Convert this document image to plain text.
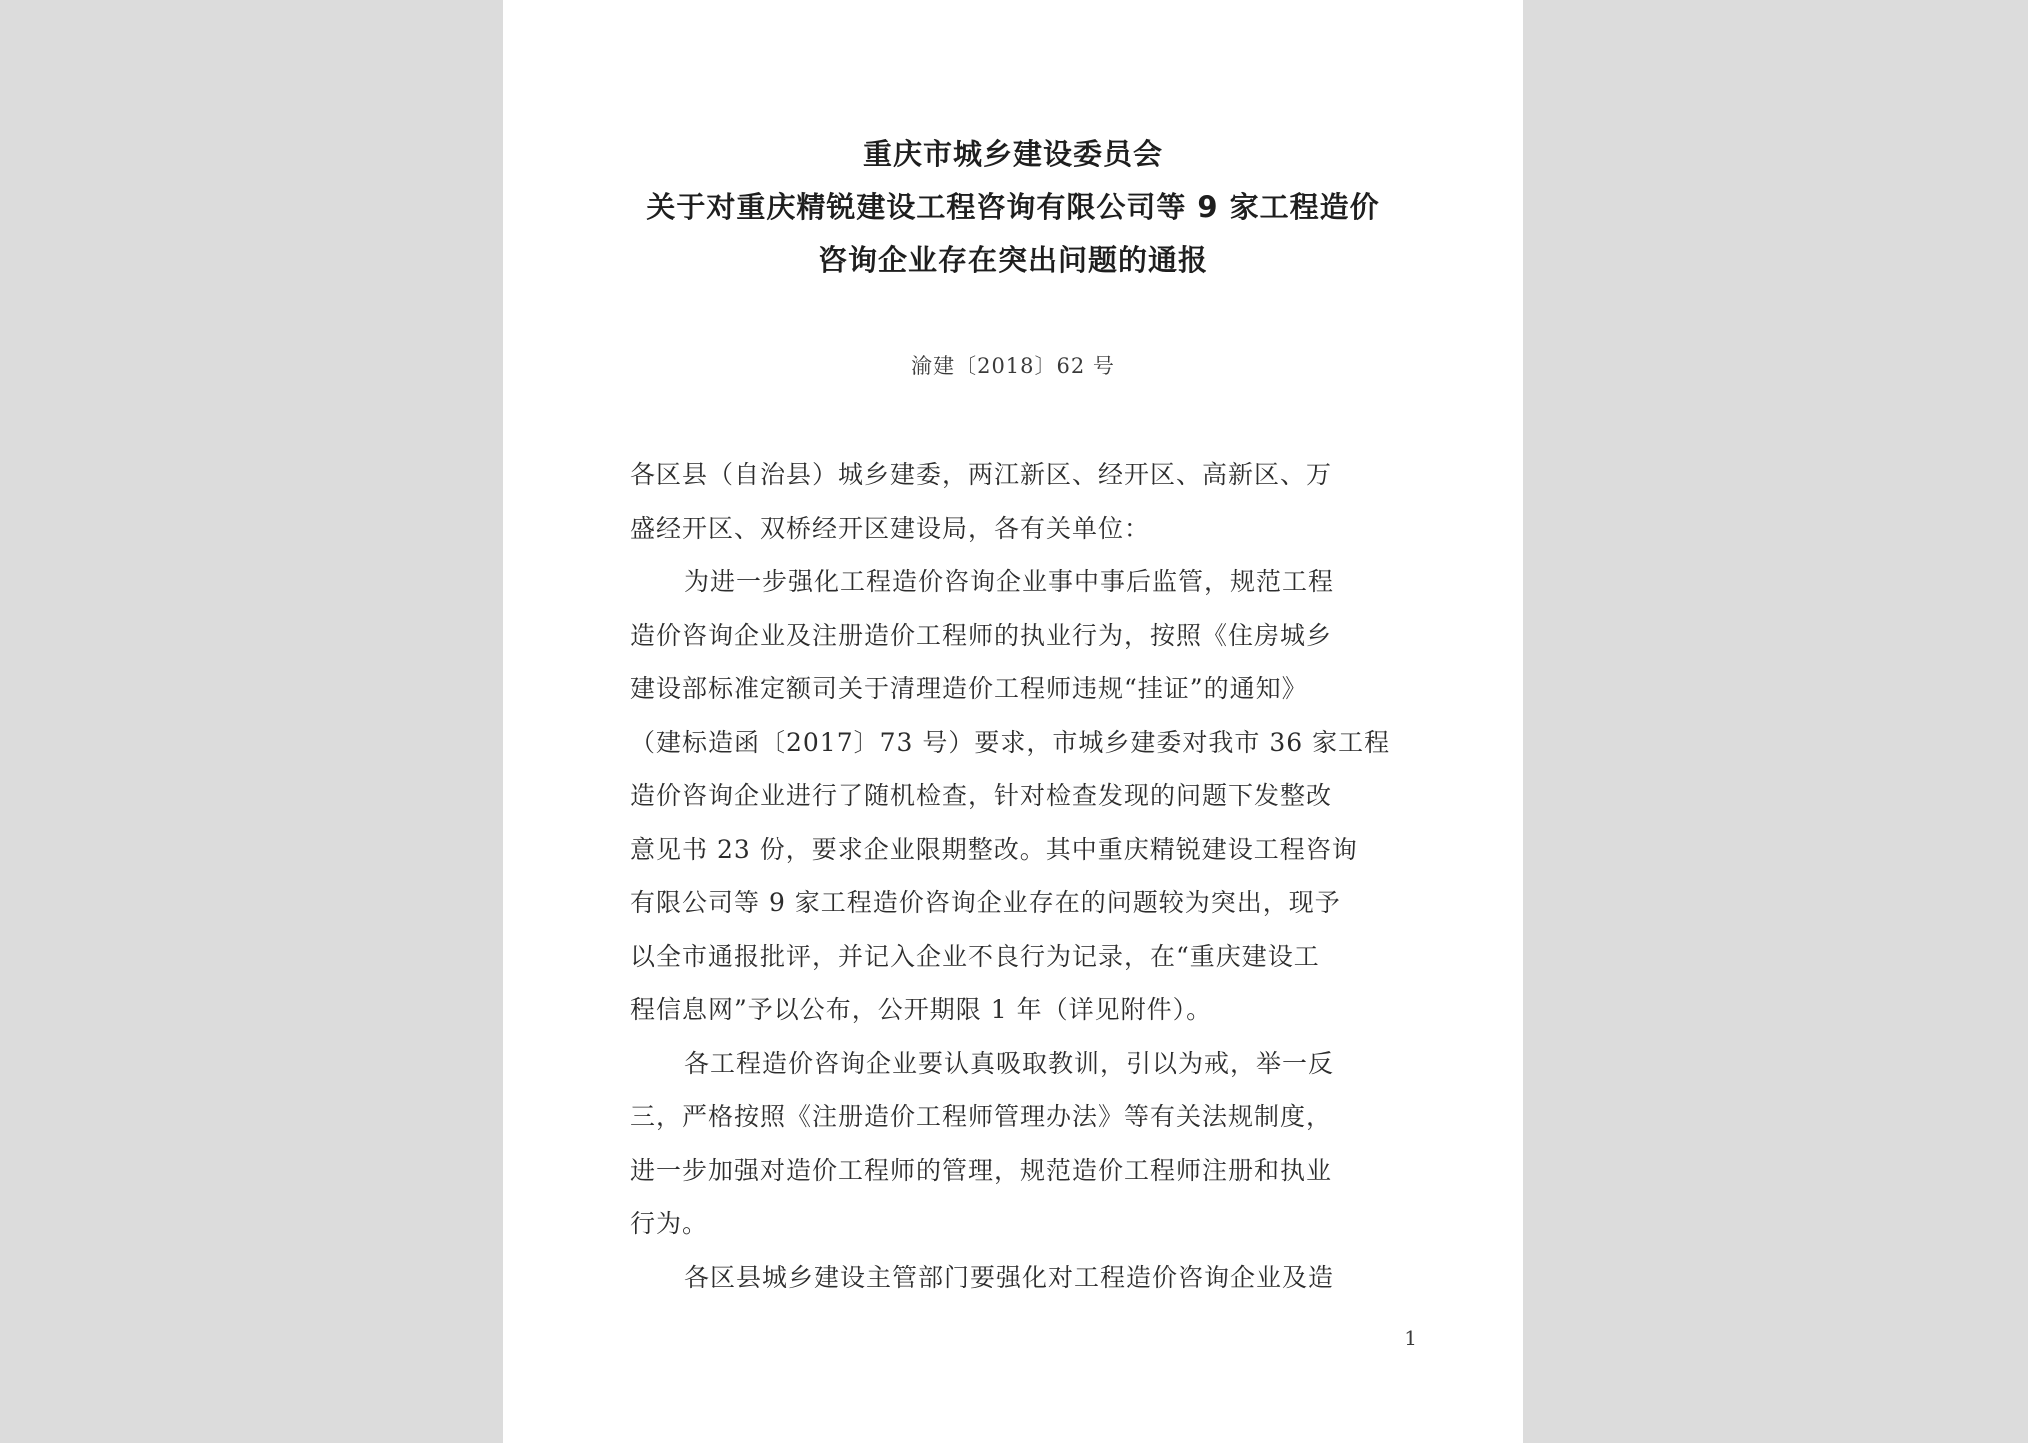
重庆市城乡建设委员会
关于对重庆精锐建设工程咨询有限公司等 9 家工程造价
咨询企业存在突出问题的通报
渝建〔2018〕62 号
各区县（自治县）城乡建委，两江新区、经开区、高新区、万
盛经开区、双桥经开区建设局，各有关单位：
为进一步强化工程造价咨询企业事中事后监管，规范工程
造价咨询企业及注册造价工程师的执业行为，按照《住房城乡
建设部标准定额司关于清理造价工程师违规“挂证”的通知》
（建标造函〔2017〕73 号）要求，市城乡建委对我市 36 家工程
造价咨询企业进行了随机检查，针对检查发现的问题下发整改
意见书 23 份，要求企业限期整改。其中重庆精锐建设工程咨询
有限公司等 9 家工程造价咨询企业存在的问题较为突出，现予
以全市通报批评，并记入企业不良行为记录，在“重庆建设工
程信息网”予以公布，公开期限 1 年（详见附件）。
各工程造价咨询企业要认真吸取教训，引以为戒，举一反
三，严格按照《注册造价工程师管理办法》等有关法规制度，
进一步加强对造价工程师的管理，规范造价工程师注册和执业
行为。
各区县城乡建设主管部门要强化对工程造价咨询企业及造
1
